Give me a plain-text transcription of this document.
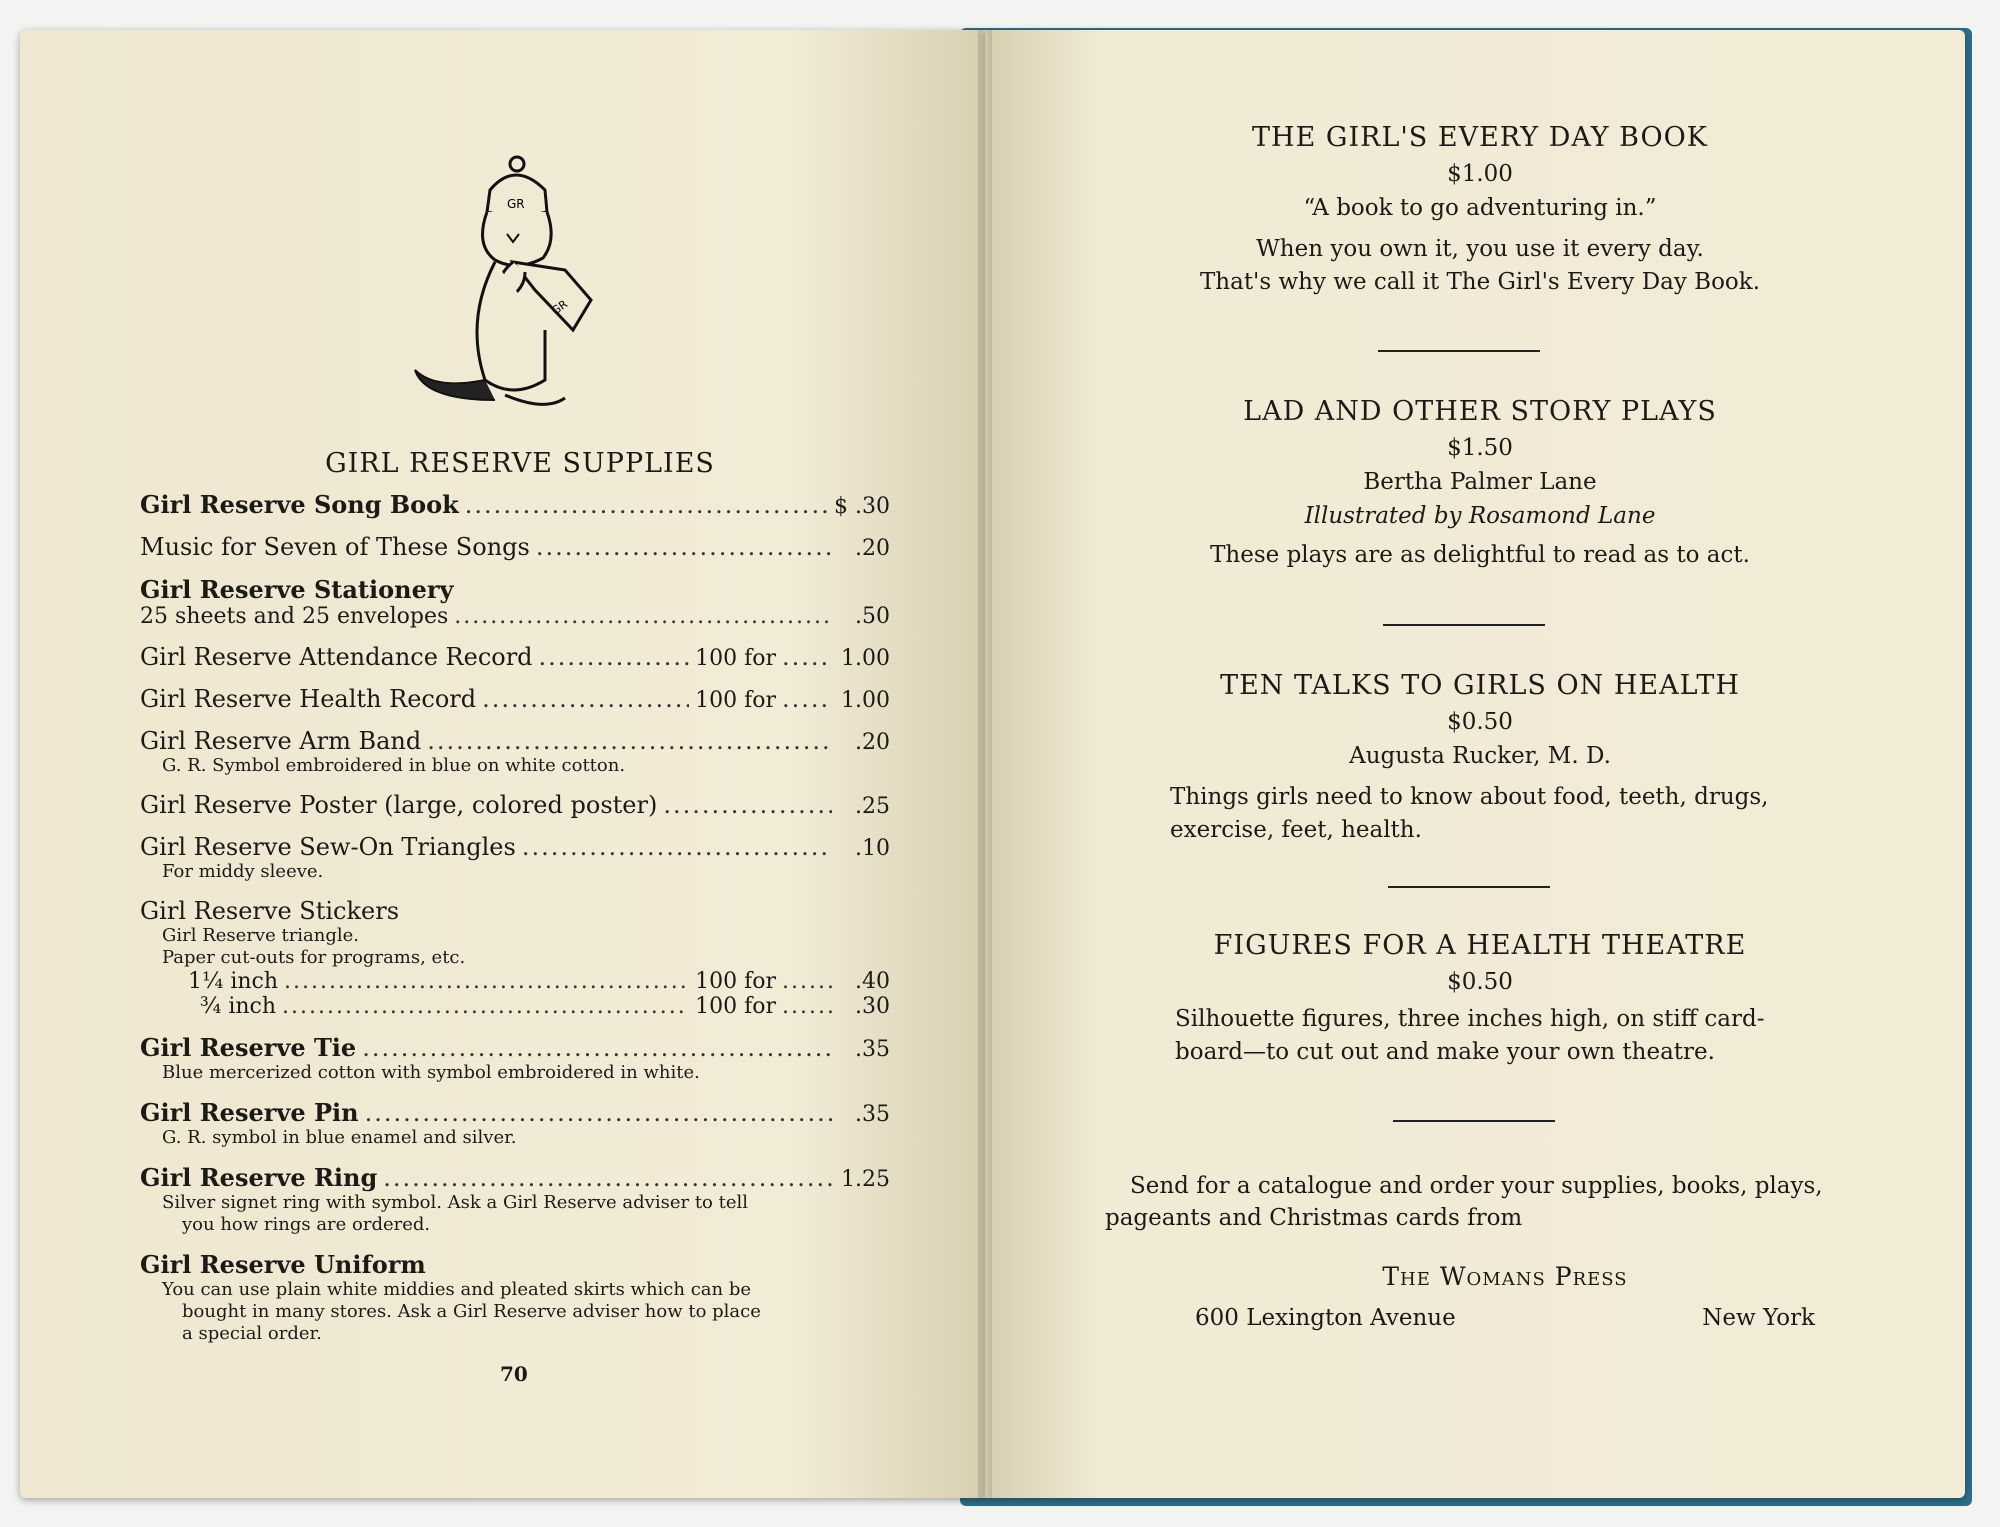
GR
GR
GIRL RESERVE SUPPLIES
Girl Reserve Song Book .....	$ .30
Music for Seven of These Songs .....	.20
Girl Reserve Stationery
25 sheets and 25 envelopes .....	.50
Girl Reserve Attendance Record .....	100 for .....	1.00
Girl Reserve Health Record .....	100 for .....	1.00
Girl Reserve Arm Band .....	.20
G. R. Symbol embroidered in blue on white cotton.
Girl Reserve Poster (large, colored poster) .....	.25
Girl Reserve Sew-On Triangles .....	.10
For middy sleeve.
Girl Reserve Stickers
Girl Reserve triangle.
Paper cut-outs for programs, etc.
1¼ inch .....	100 for .....	.40
¾ inch .....	100 for .....	.30
Girl Reserve Tie .....	.35
Blue mercerized cotton with symbol embroidered in white.
Girl Reserve Pin .....	.35
G. R. symbol in blue enamel and silver.
Girl Reserve Ring .....	1.25
Silver signet ring with symbol. Ask a Girl Reserve adviser to tell
you how rings are ordered.
Girl Reserve Uniform
You can use plain white middies and pleated skirts which can be
bought in many stores. Ask a Girl Reserve adviser how to place
a special order.
70
THE GIRL'S EVERY DAY BOOK
$1.00
“A book to go adventuring in.”
When you own it, you use it every day.
That's why we call it The Girl's Every Day Book.
LAD AND OTHER STORY PLAYS
$1.50
Bertha Palmer Lane
Illustrated by Rosamond Lane
These plays are as delightful to read as to act.
TEN TALKS TO GIRLS ON HEALTH
$0.50
Augusta Rucker, M. D.
Things girls need to know about food, teeth, drugs,
exercise, feet, health.
FIGURES FOR A HEALTH THEATRE
$0.50
Silhouette figures, three inches high, on stiff card-
board—to cut out and make your own theatre.
Send for a catalogue and order your supplies, books, plays,
pageants and Christmas cards from
The Womans Press
600 Lexington Avenue	New York
